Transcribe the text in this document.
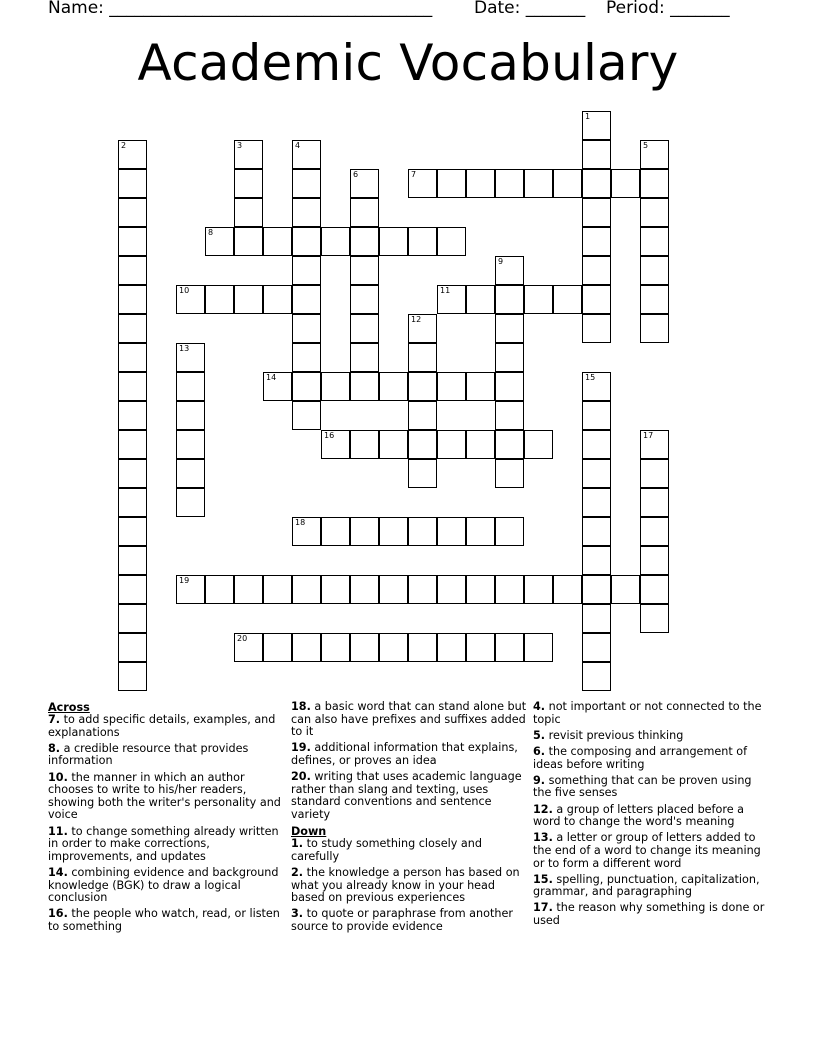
Name: ______________________________________ Date: _______ Period: _______
Academic Vocabulary
1
2	3	4	5
6	7
8
9
10	11
12
13
14	15
16	17
18
19
20
Across
7. to add specific details, examples, and explanations
8. a credible resource that provides information
10. the manner in which an author chooses to write to his/her readers, showing both the writer's personality and voice
11. to change something already written in order to make corrections, improvements, and updates
14. combining evidence and background knowledge (BGK) to draw a logical conclusion
16. the people who watch, read, or listen to something
18. a basic word that can stand alone but can also have prefixes and suffixes added to it
19. additional information that explains, defines, or proves an idea
20. writing that uses academic language rather than slang and texting, uses standard conventions and sentence variety
Down
1. to study something closely and carefully
2. the knowledge a person has based on what you already know in your head based on previous experiences
3. to quote or paraphrase from another source to provide evidence
4. not important or not connected to the topic
5. revisit previous thinking
6. the composing and arrangement of ideas before writing
9. something that can be proven using the five senses
12. a group of letters placed before a word to change the word's meaning
13. a letter or group of letters added to the end of a word to change its meaning or to form a different word
15. spelling, punctuation, capitalization, grammar, and paragraphing
17. the reason why something is done or used
